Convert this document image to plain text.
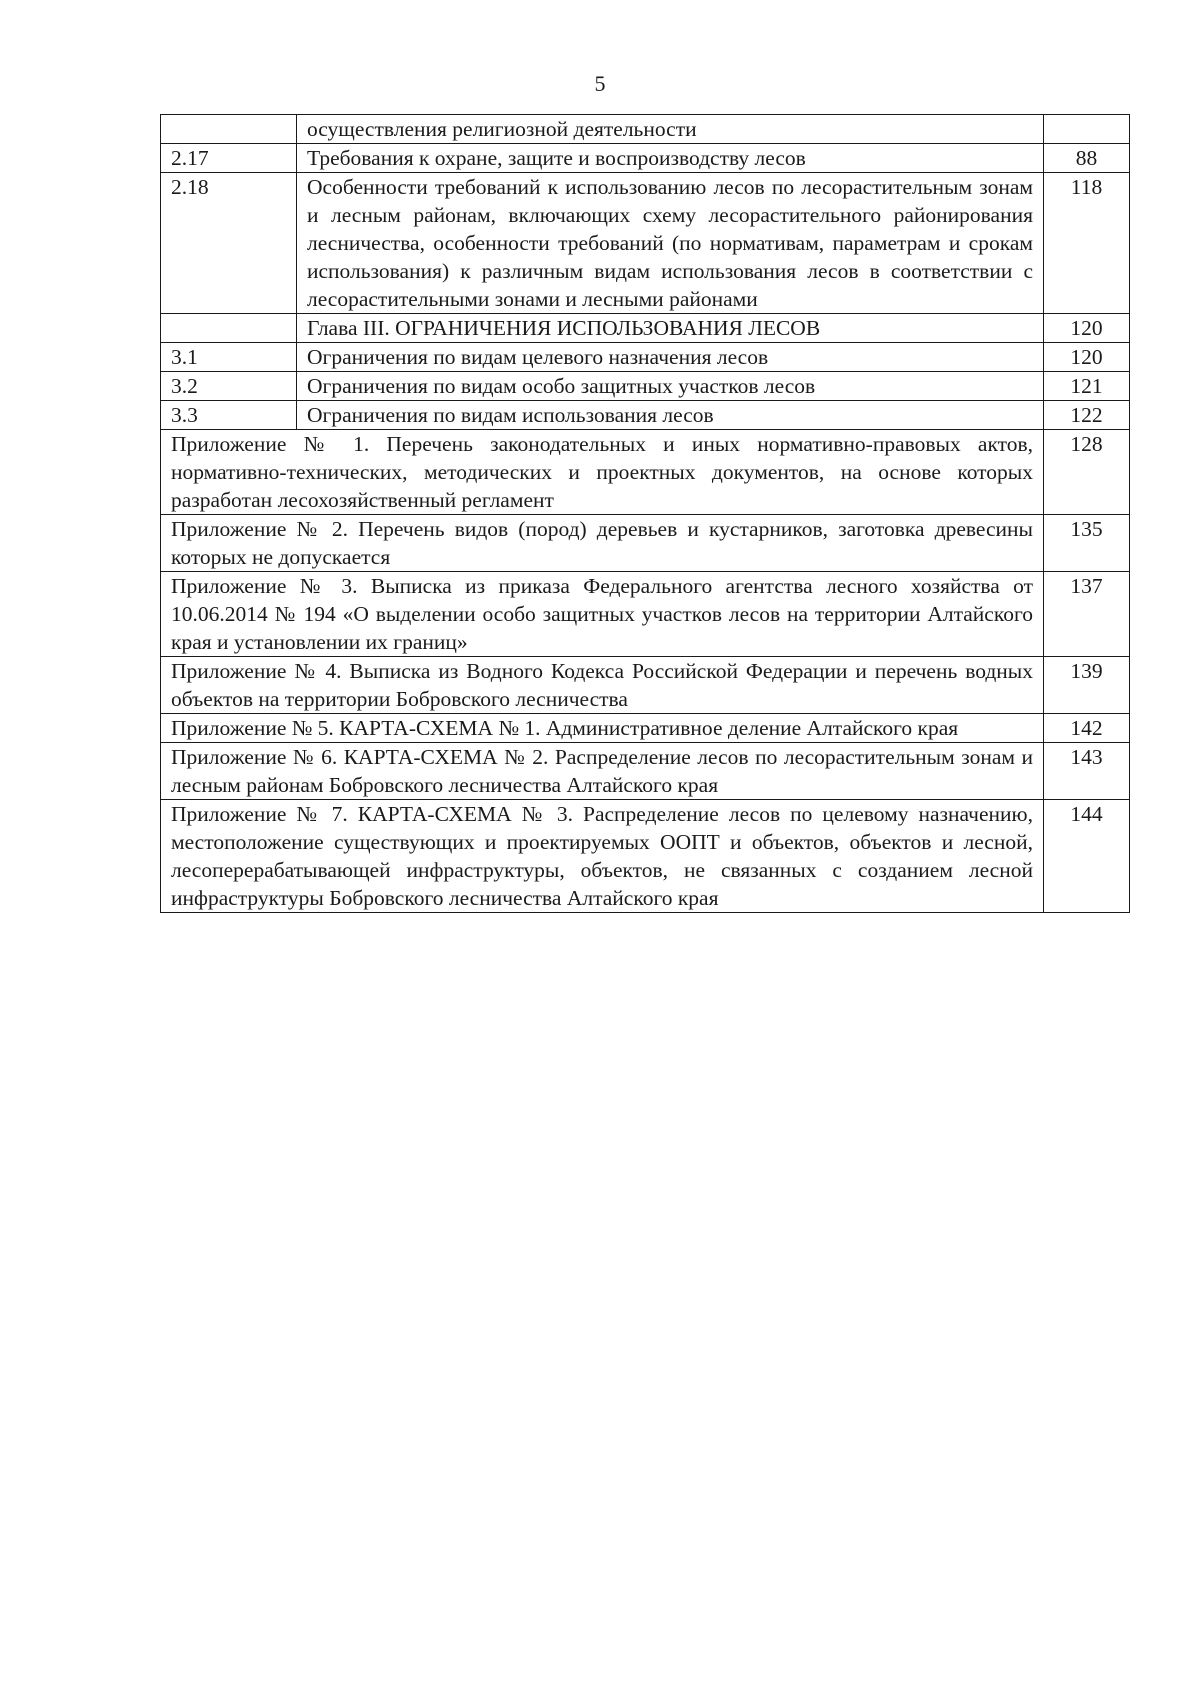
5
	осуществления религиозной деятельности	
2.17	Требования к охране, защите и воспроизводству лесов	88
2.18	Особенности требований к использованию лесов по лесорастительным зонам и лесным районам, включающих схему лесорастительного районирования лесничества, особенности требований (по нормативам, параметрам и срокам использования) к различным видам использования лесов в соответствии с лесорастительными зонами и лесными районами	118
	Глава III. ОГРАНИЧЕНИЯ ИСПОЛЬЗОВАНИЯ ЛЕСОВ	120
3.1	Ограничения по видам целевого назначения лесов	120
3.2	Ограничения по видам особо защитных участков лесов	121
3.3	Ограничения по видам использования лесов	122
Приложение № 1. Перечень законодательных и иных нормативно-правовых актов, нормативно-технических, методических и проектных документов, на основе которых разработан лесохозяйственный регламент		128
Приложение № 2. Перечень видов (пород) деревьев и кустарников, заготовка древесины которых не допускается		135
Приложение № 3. Выписка из приказа Федерального агентства лесного хозяйства от 10.06.2014 № 194 «О выделении особо защитных участков лесов на территории Алтайского края и установлении их границ»		137
Приложение № 4. Выписка из Водного Кодекса Российской Федерации и перечень водных объектов на территории Бобровского лесничества		139
Приложение № 5. КАРТА-СХЕМА № 1. Административное деление Алтайского края		142
Приложение № 6. КАРТА-СХЕМА № 2. Распределение лесов по лесорастительным зонам и лесным районам Бобровского лесничества Алтайского края		143
Приложение № 7. КАРТА-СХЕМА № 3. Распределение лесов по целевому назначению, местоположение существующих и проектируемых ООПТ и объектов, объектов и лесной, лесоперерабатывающей инфраструктуры, объектов, не связанных с созданием лесной инфраструктуры Бобровского лесничества Алтайского края		144
